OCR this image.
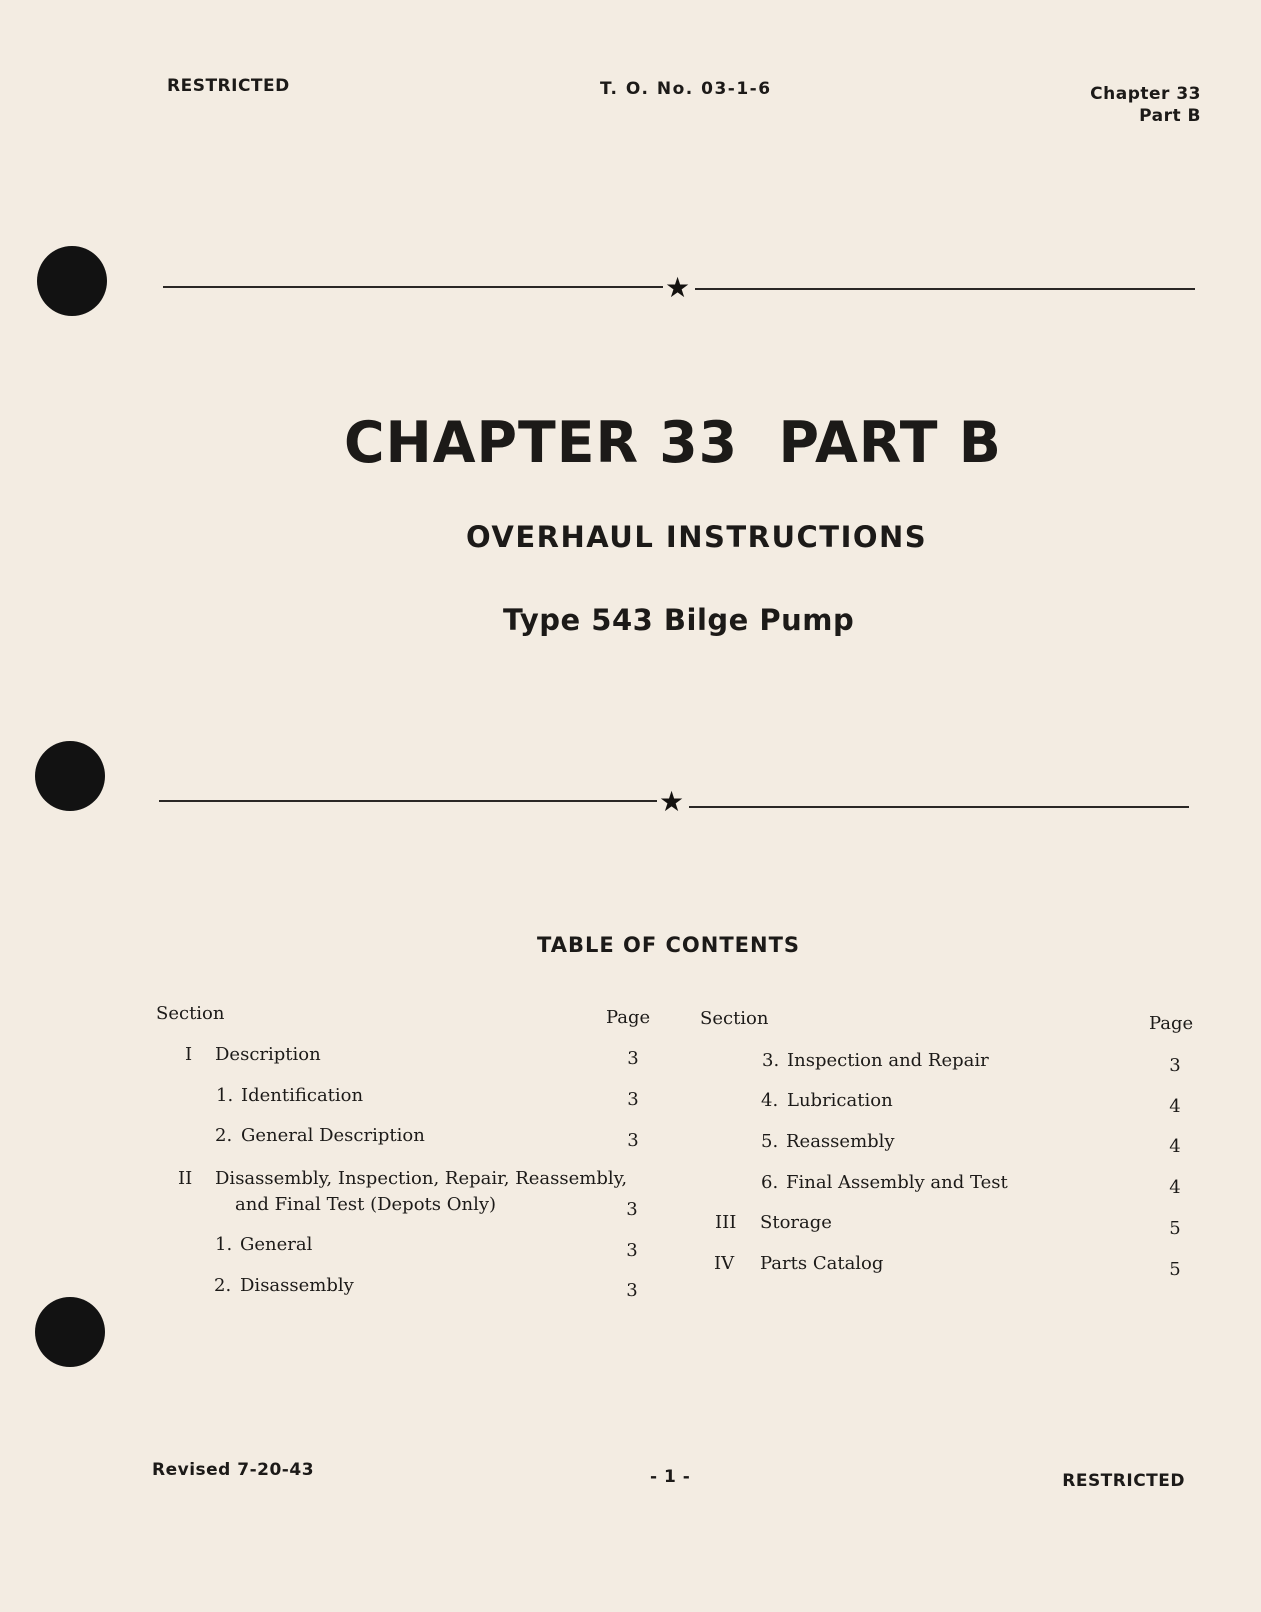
RESTRICTED	T. O. No. 03-1-6	Chapter 33
Part B
★
CHAPTER 33  PART B
OVERHAUL INSTRUCTIONS
Type 543 Bilge Pump
★
TABLE OF CONTENTS
Section	Page
I Description	3
1. Identification	3
2. General Description	3
II Disassembly, Inspection, Repair, Reassembly,
and Final Test (Depots Only)	3
1. General	3
2. Disassembly	3
Section	Page
3. Inspection and Repair	3
4. Lubrication	4
5. Reassembly	4
6. Final Assembly and Test	4
III Storage	5
IV Parts Catalog	5
Revised 7-20-43	- 1 -	RESTRICTED
